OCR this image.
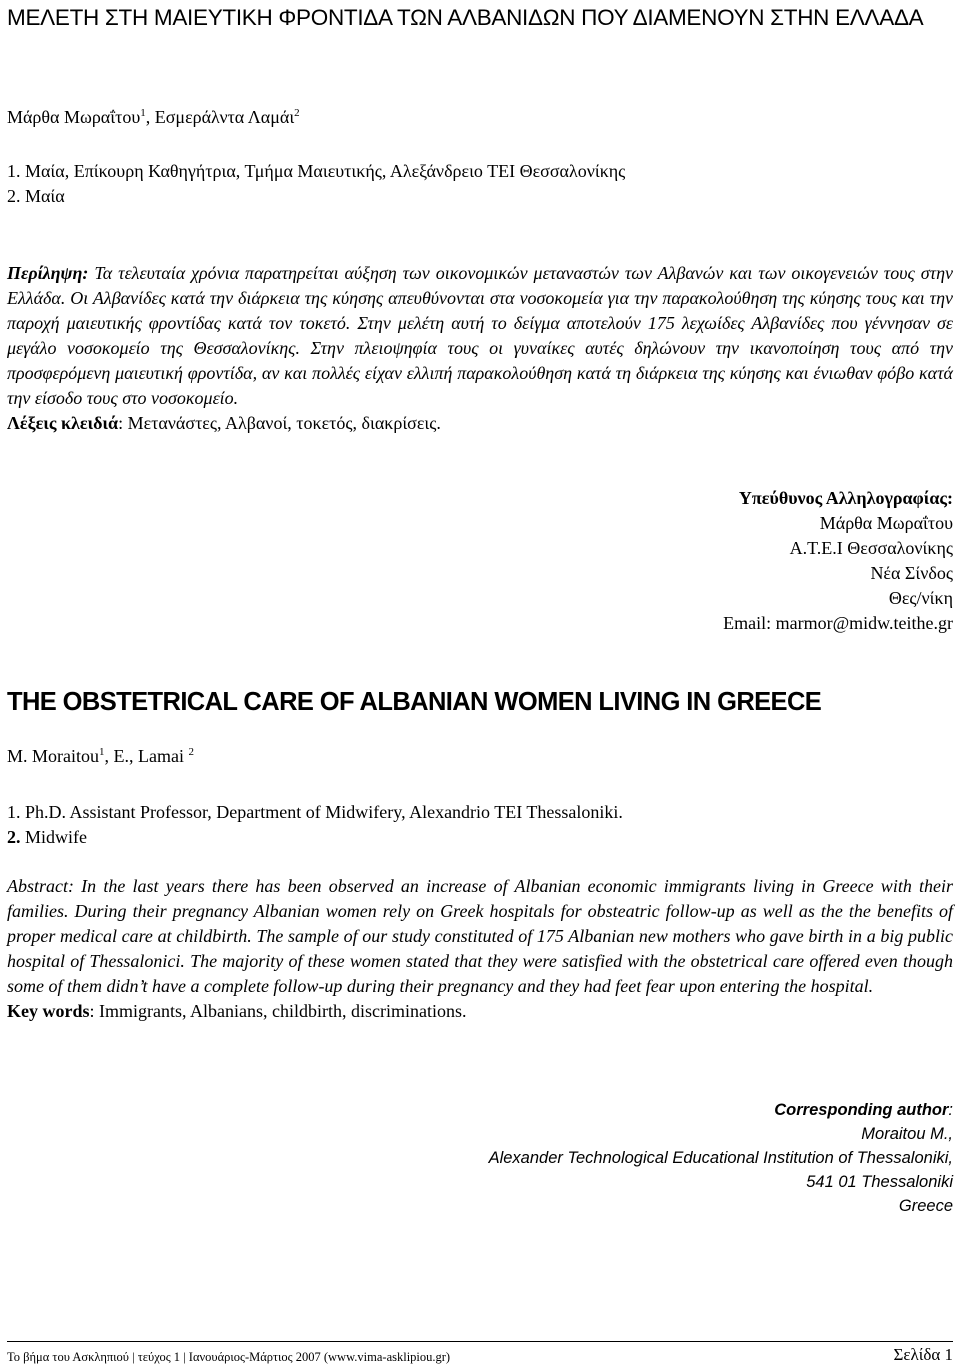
ΜΕΛΕΤΗ ΣΤΗ ΜΑΙΕΥΤΙΚΗ ΦΡΟΝΤΙΔΑ ΤΩΝ ΑΛΒΑΝΙΔΩΝ ΠΟΥ ΔΙΑΜΕΝΟΥΝ ΣΤΗΝ ΕΛΛΑΔΑ
Μάρθα Μωραΐτου$^1$, Εσμεράλντα Λαμάι$^2$
1. Μαία, Επίκουρη Καθηγήτρια, Τμήμα Μαιευτικής, Αλεξάνδρειο ΤΕΙ Θεσσαλονίκης
2. Μαία
Περίληψη: Τα τελευταία χρόνια παρατηρείται αύξηση των οικονομικών μεταναστών των Αλβανών και των οικογενειών τους στην Ελλάδα. Οι Αλβανίδες κατά την διάρκεια της κύησης απευθύνονται στα νοσοκομεία για την παρακολούθηση της κύησης τους και την παροχή μαιευτικής φροντίδας κατά τον τοκετό. Στην μελέτη αυτή το δείγμα αποτελούν 175 λεχωίδες Αλβανίδες που γέννησαν σε μεγάλο νοσοκομείο της Θεσσαλονίκης. Στην πλειοψηφία τους οι γυναίκες αυτές δηλώνουν την ικανοποίηση τους από την προσφερόμενη μαιευτική φροντίδα, αν και πολλές είχαν ελλιπή παρακολούθηση κατά τη διάρκεια της κύησης και ένιωθαν φόβο κατά την είσοδο τους στο νοσοκομείο.
Λέξεις κλειδιά: Μετανάστες, Αλβανοί, τοκετός, διακρίσεις.
Υπεύθυνος Αλληλογραφίας:
Μάρθα Μωραΐτου
Α.Τ.Ε.Ι Θεσσαλονίκης
Νέα Σίνδος
Θες/νίκη
Email: marmor@midw.teithe.gr
THE OBSTETRICAL CARE OF ALBANIAN WOMEN LIVING IN GREECE
M. Moraitou$^1$, E., Lamai $^2$
1. Ph.D. Assistant Professor, Department of Midwifery, Alexandrio TEI Thessaloniki.
2. Midwife
Abstract: In the last years there has been observed an increase of Albanian economic immigrants living in Greece with their families. During their pregnancy Albanian women rely on Greek hospitals for obsteatric follow-up as well as the the benefits of proper medical care at childbirth. The sample of our study constituted of 175 Albanian new mothers who gave birth in a big public hospital of Thessalonici. The majority of these women stated that they were satisfied with the obstetrical care offered even though some of them didn’t have a complete follow-up during their pregnancy and they had feet fear upon entering the hospital.
Key words: Immigrants, Albanians, childbirth, discriminations.
Corresponding author:
Moraitou M.,
Alexander Technological Educational Institution of Thessaloniki,
541 01 Thessaloniki
Greece
Το βήμα του Ασκληπιού | τεύχος 1 | Ιανουάριος-Μάρτιος 2007 (www.vima-asklipiou.gr)	Σελίδα 1
